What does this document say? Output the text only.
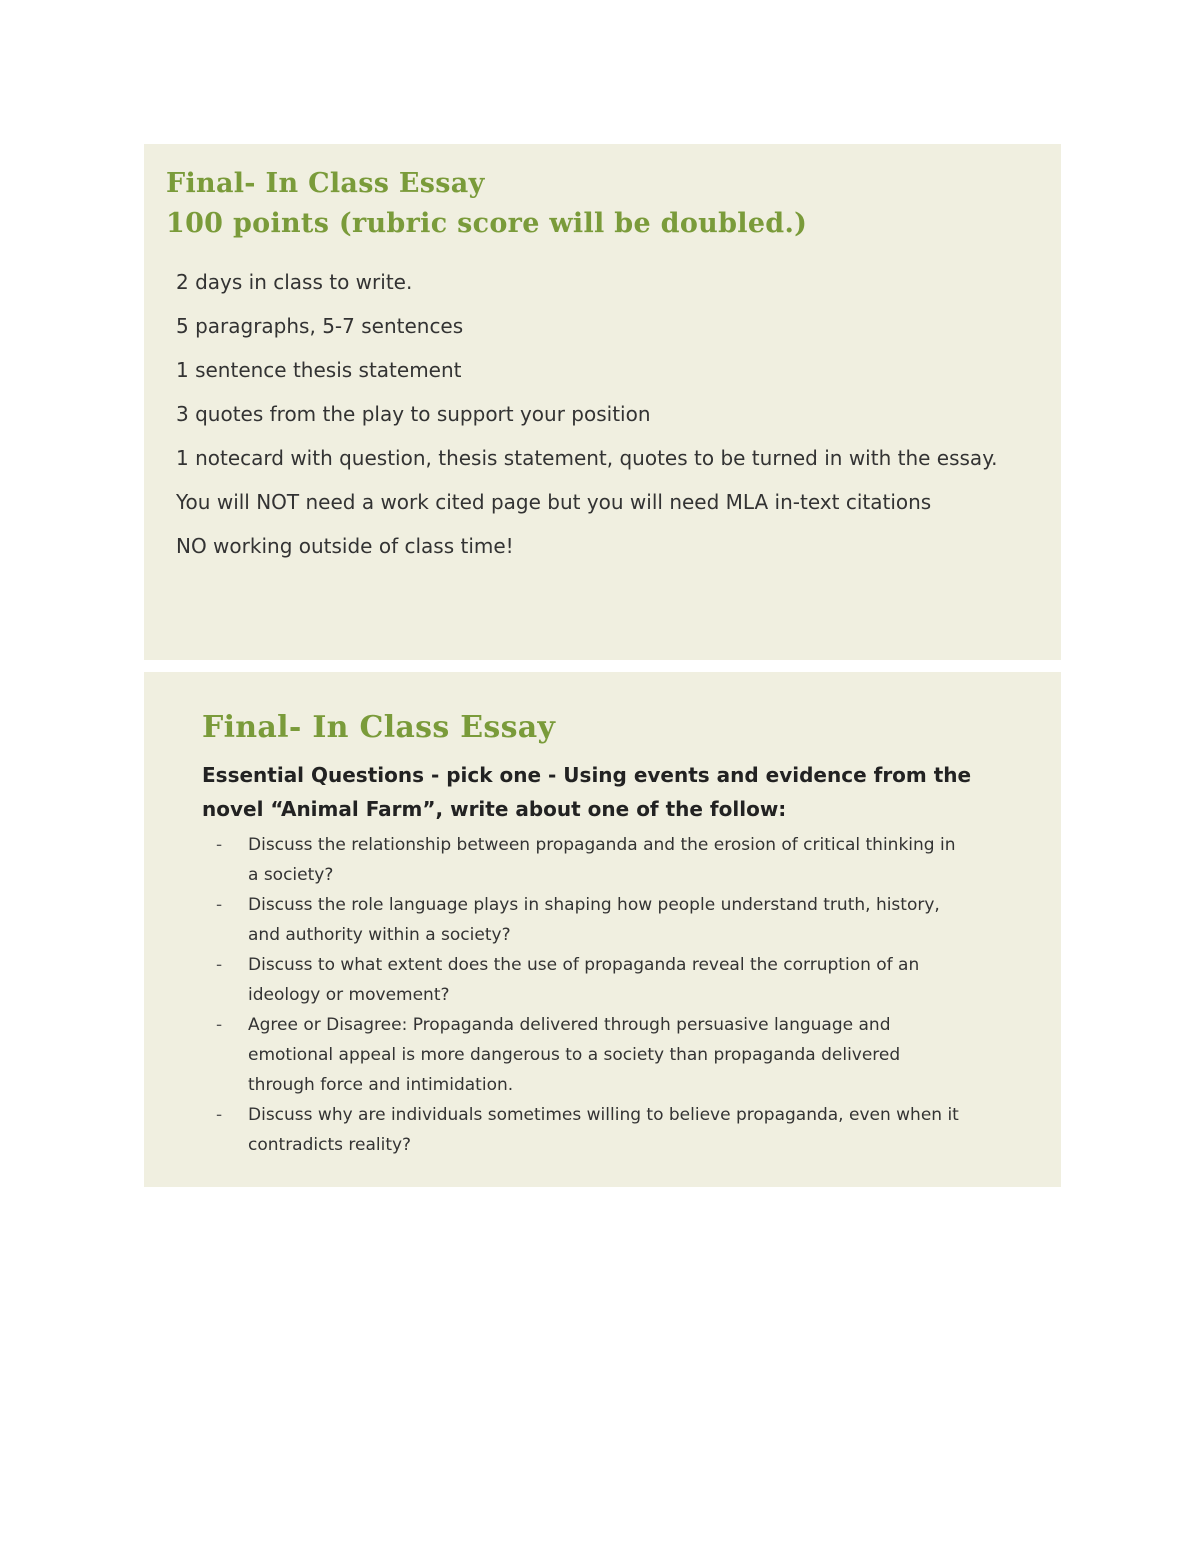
Final- In Class Essay
100 points (rubric score will be doubled.)
2 days in class to write.
5 paragraphs, 5-7 sentences
1 sentence thesis statement
3 quotes from the play to support your position
1 notecard with question, thesis statement, quotes to be turned in with the essay.
You will NOT need a work cited page but you will need MLA in-text citations
NO working outside of class time!
Final- In Class Essay

Essential Questions - pick one - Using events and evidence from the novel “Animal Farm”, write about one of the follow:

-	Discuss the relationship between propaganda and the erosion of critical thinking in a society?
-	Discuss the role language plays in shaping how people understand truth, history, and authority within a society?
-	Discuss to what extent does the use of propaganda reveal the corruption of an ideology or movement?
-	Agree or Disagree: Propaganda delivered through persuasive language and emotional appeal is more dangerous to a society than propaganda delivered through force and intimidation.
-	Discuss why are individuals sometimes willing to believe propaganda, even when it contradicts reality?
